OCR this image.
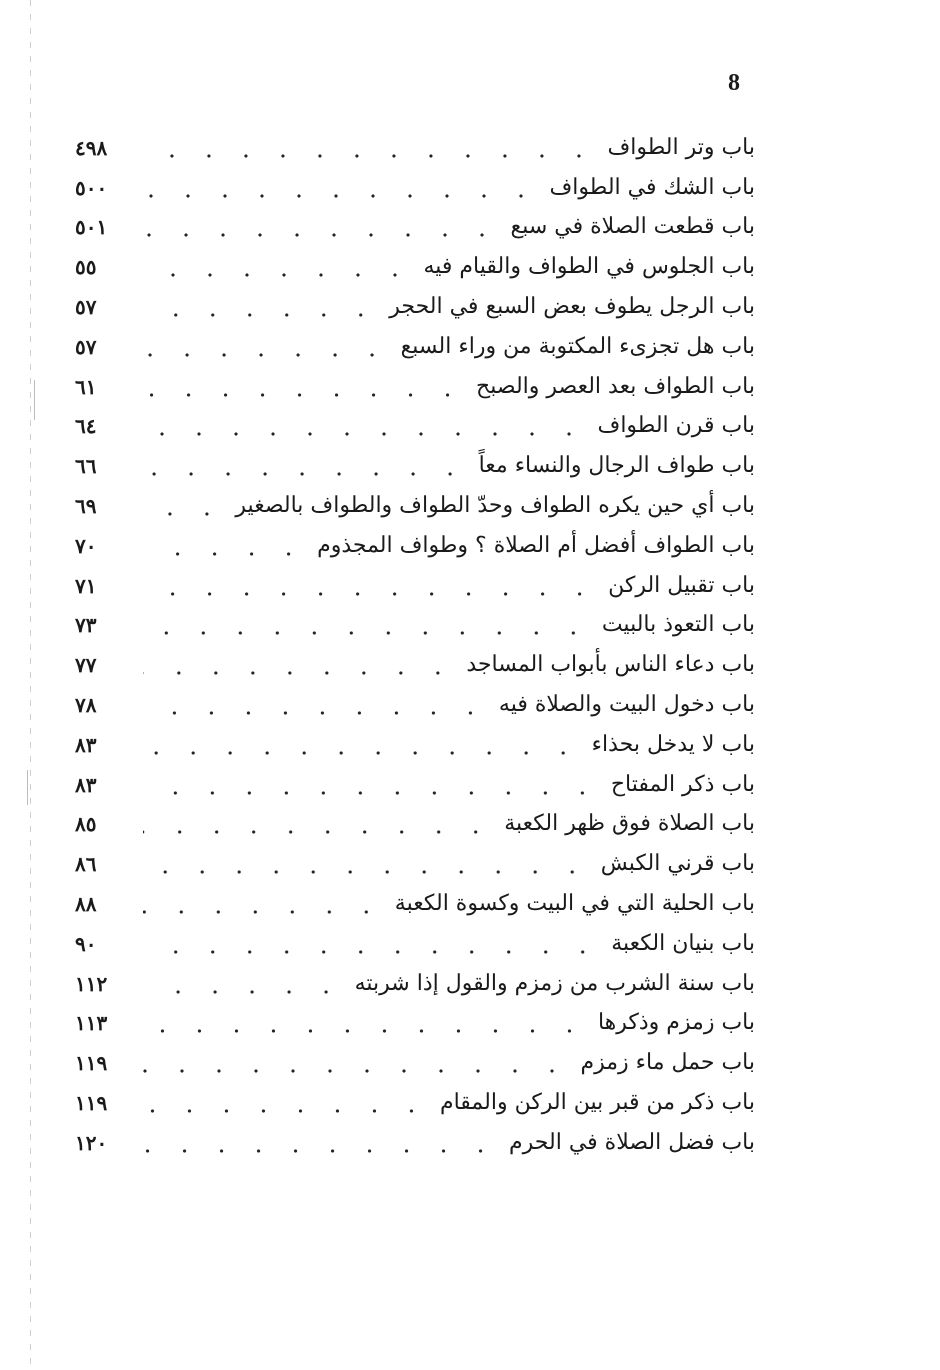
8
باب وتر الطواف
٤٩٨
باب الشك في الطواف
٥٠٠
باب قطعت الصلاة في سبع
٥٠١
باب الجلوس في الطواف والقيام فيه
٥٥
باب الرجل يطوف بعض السبع في الحجر
٥٧
باب هل تجزىء المكتوبة من وراء السبع
٥٧
باب الطواف بعد العصر والصبح
٦١
باب قرن الطواف
٦٤
باب طواف الرجال والنساء معاً
٦٦
باب أي حين يكره الطواف وحدّ الطواف والطواف بالصغير
٦٩
باب الطواف أفضل أم الصلاة ؟ وطواف المجذوم
٧٠
باب تقبيل الركن
٧١
باب التعوذ بالبيت
٧٣
باب دعاء الناس بأبواب المساجد
٧٧
باب دخول البيت والصلاة فيه
٧٨
باب لا يدخل بحذاء
٨٣
باب ذكر المفتاح
٨٣
باب الصلاة فوق ظهر الكعبة
٨٥
باب قرني الكبش
٨٦
باب الحلية التي في البيت وكسوة الكعبة
٨٨
باب بنيان الكعبة
٩٠
باب سنة الشرب من زمزم والقول إذا شربته
١١٢
باب زمزم وذكرها
١١٣
باب حمل ماء زمزم
١١٩
باب ذكر من قبر بين الركن والمقام
١١٩
باب فضل الصلاة في الحرم
١٢٠
